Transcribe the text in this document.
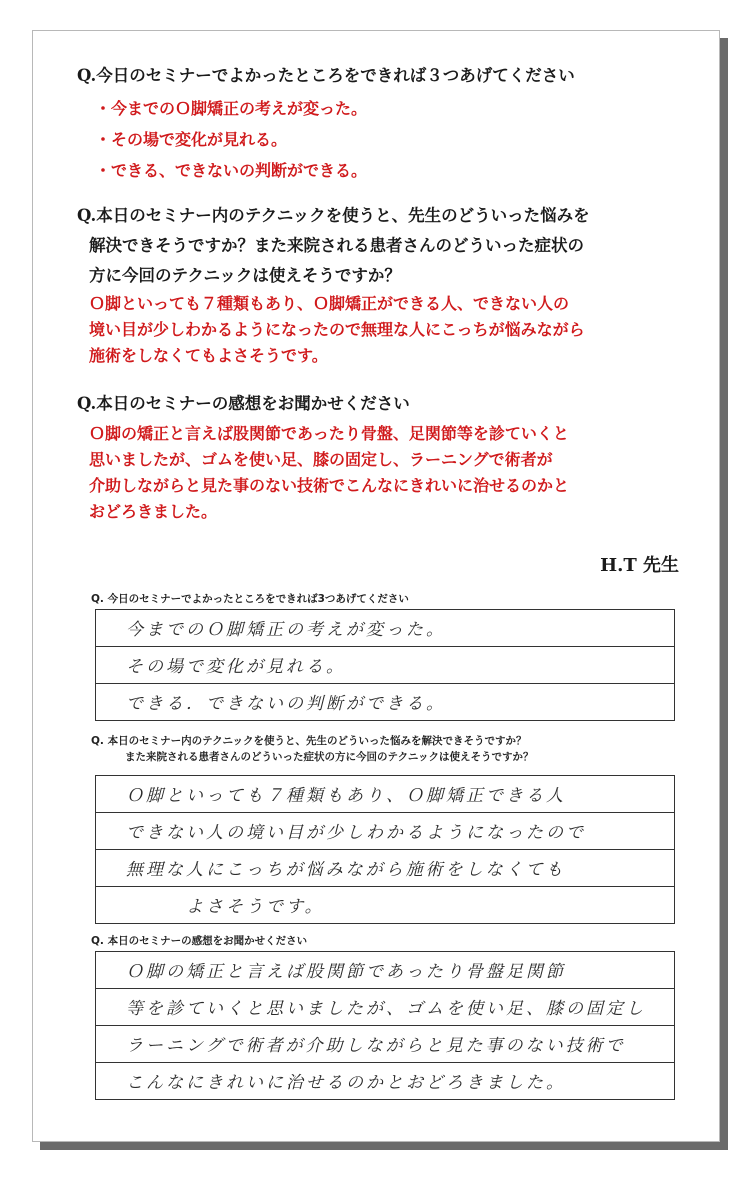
Q.今日のセミナーでよかったところをできれば３つあげてください

・今までのＯ脚矯正の考えが変った。
・その場で変化が見れる。
・できる、できないの判断ができる。

Q.本日のセミナー内のテクニックを使うと、先生のどういった悩みを
解決できそうですか？また来院される患者さんのどういった症状の
方に今回のテクニックは使えそうですか？

Ｏ脚といっても７種類もあり、Ｏ脚矯正ができる人、できない人の
境い目が少しわかるようになったので無理な人にこっちが悩みながら
施術をしなくてもよさそうです。

Q.本日のセミナーの感想をお聞かせください

Ｏ脚の矯正と言えば股関節であったり骨盤、足関節等を診ていくと
思いましたが、ゴムを使い足、膝の固定し、ラーニングで術者が
介助しながらと見た事のない技術でこんなにきれいに治せるのかと
おどろきました。
H.T 先生

Q. 今日のセミナーでよかったところをできれば3つあげてください

今までのＯ脚矯正の考えが変った。
その場で変化が見れる。
できる．できないの判断ができる。

Q. 本日のセミナー内のテクニックを使うと、先生のどういった悩みを解決できそうですか？
また来院される患者さんのどういった症状の方に今回のテクニックは使えそうですか？

Ｏ脚といっても７種類もあり、Ｏ脚矯正できる人
できない人の境い目が少しわかるようになったので
無理な人にこっちが悩みながら施術をしなくても
よさそうです。

Q. 本日のセミナーの感想をお聞かせください

Ｏ脚の矯正と言えば股関節であったり骨盤足関節
等を診ていくと思いましたが、ゴムを使い足、膝の固定し
ラーニングで術者が介助しながらと見た事のない技術で
こんなにきれいに治せるのかとおどろきました。
